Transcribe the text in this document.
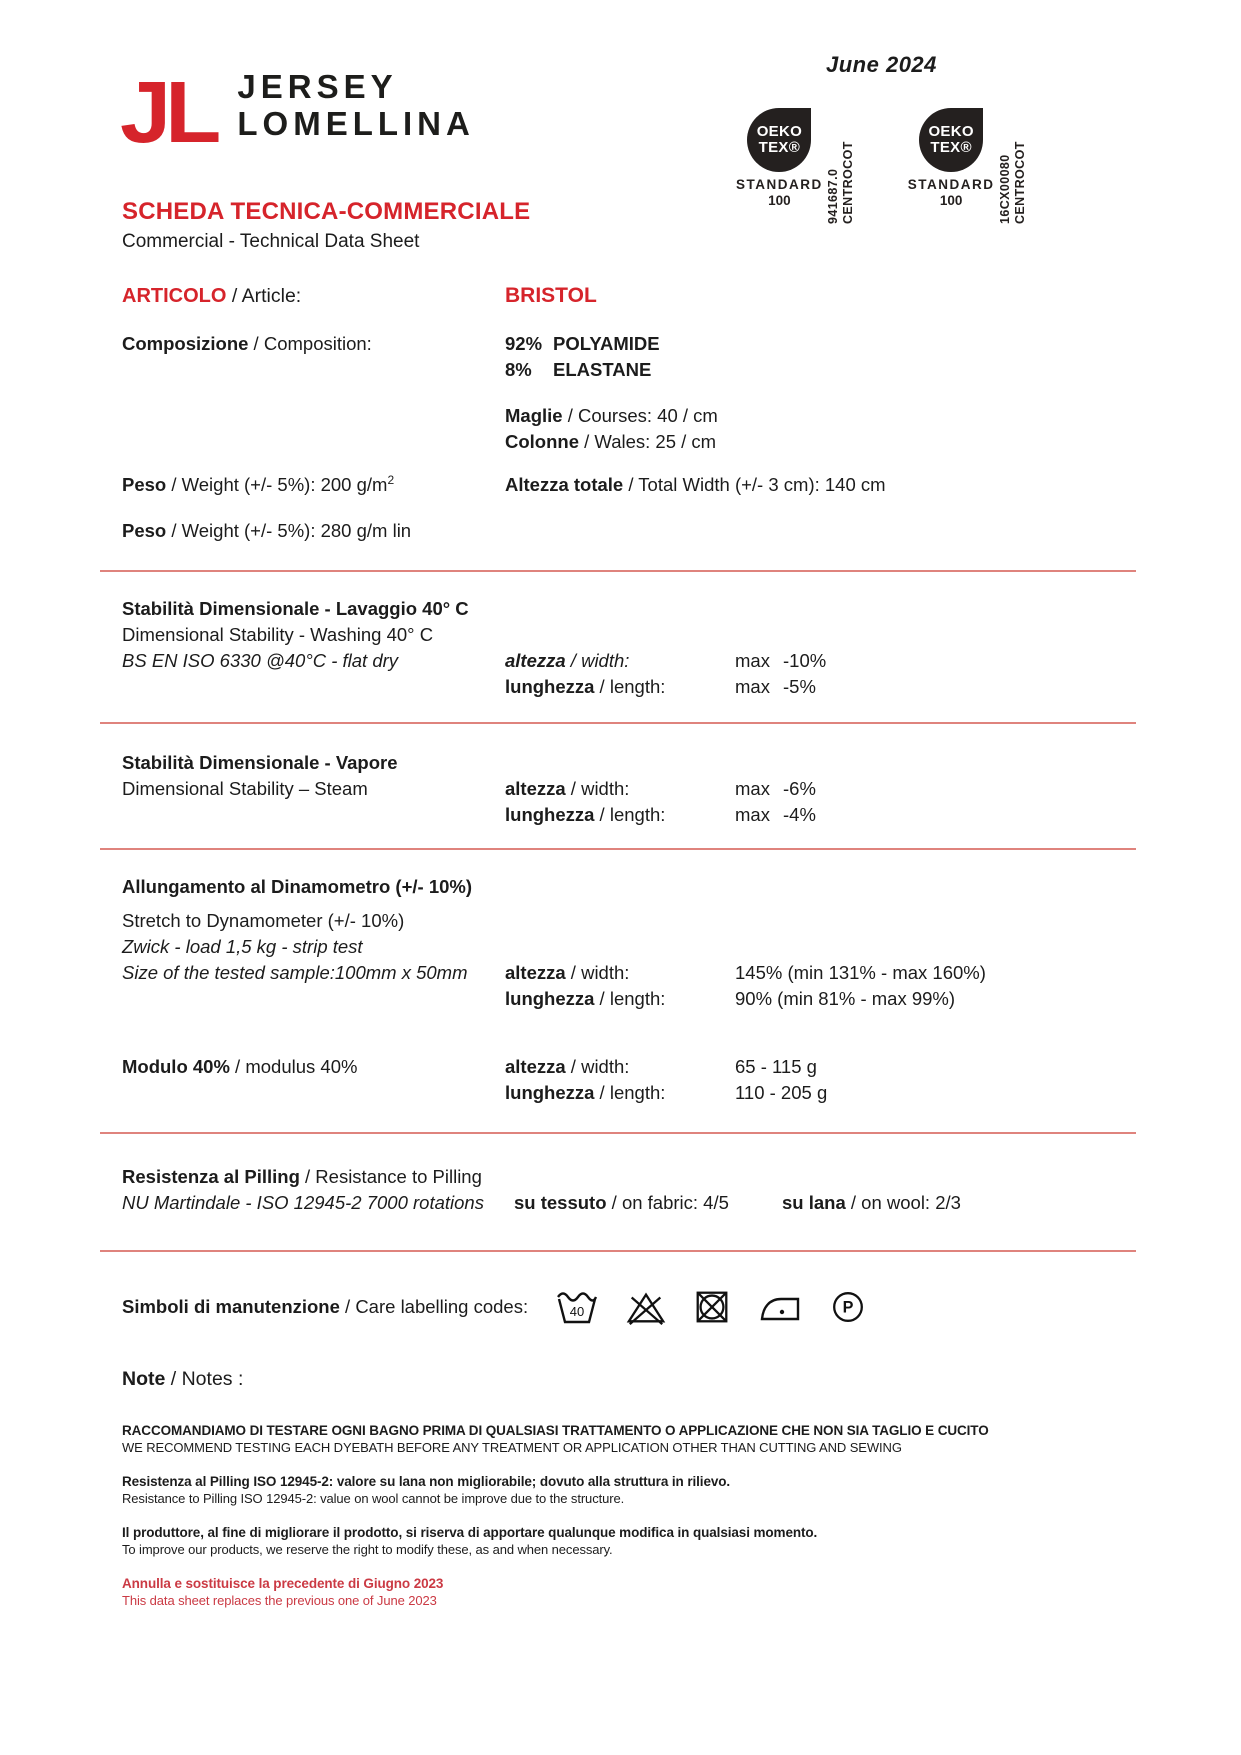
JL JERSEY
LOMELLINA
June 2024
OEKO
TEX®
STANDARD
100	941687.0 CENTROCOT
OEKO
TEX®
STANDARD
100	16CX00080 CENTROCOT
SCHEDA TECNICA-COMMERCIALE
Commercial - Technical Data Sheet
ARTICOLO / Article:	BRISTOL
Composizione / Composition:	92% POLYAMIDE
8% ELASTANE
Maglie / Courses: 40 / cm
Colonne / Wales: 25 / cm
Peso / Weight (+/- 5%): 200 $g/m^2$	Altezza totale / Total Width (+/- 3 cm): 140 cm
Peso / Weight (+/- 5%): 280 g/m lin
Stabilità Dimensionale - Lavaggio 40° C
Dimensional Stability - Washing 40° C
BS EN ISO 6330 @40°C - flat dry	altezza / width:	max -10%
lunghezza / length:	max -5%
Stabilità Dimensionale - Vapore
Dimensional Stability – Steam	altezza / width:	max -6%
lunghezza / length:	max -4%
Allungamento al Dinamometro (+/- 10%)
Stretch to Dynamometer (+/- 10%)
Zwick - load 1,5 kg - strip test
Size of the tested sample:100mm x 50mm	altezza / width:	145% (min 131% - max 160%)
lunghezza / length:	90% (min 81% - max 99%)
Modulo 40% / modulus 40%	altezza / width:	65 - 115 g
lunghezza / length:	110 - 205 g
Resistenza al Pilling / Resistance to Pilling
NU Martindale - ISO 12945-2 7000 rotations	su tessuto / on fabric: 4/5	su lana / on wool: 2/3
Simboli di manutenzione / Care labelling codes:	40	P
Note / Notes :
RACCOMANDIAMO DI TESTARE OGNI BAGNO PRIMA DI QUALSIASI TRATTAMENTO O APPLICAZIONE CHE NON SIA TAGLIO E CUCITO
WE RECOMMEND TESTING EACH DYEBATH BEFORE ANY TREATMENT OR APPLICATION OTHER THAN CUTTING AND SEWING
Resistenza al Pilling ISO 12945-2: valore su lana non migliorabile; dovuto alla struttura in rilievo.
Resistance to Pilling ISO 12945-2: value on wool cannot be improve due to the structure.
Il produttore, al fine di migliorare il prodotto, si riserva di apportare qualunque modifica in qualsiasi momento.
To improve our products, we reserve the right to modify these, as and when necessary.
Annulla e sostituisce la precedente di Giugno 2023
This data sheet replaces the previous one of June 2023
